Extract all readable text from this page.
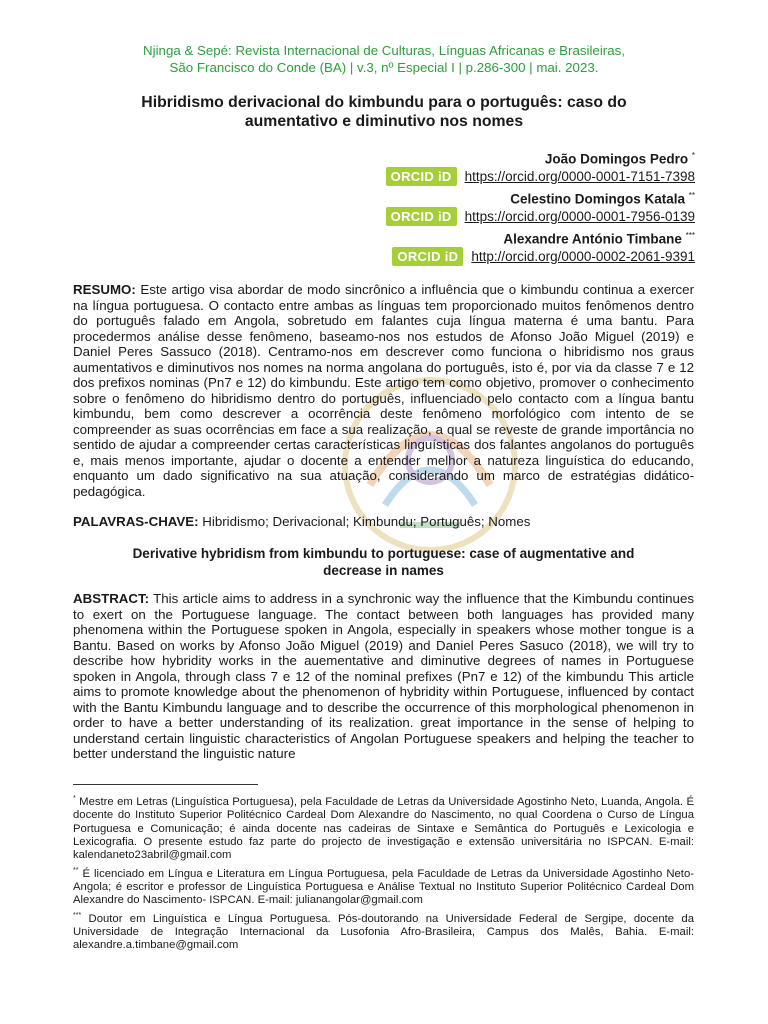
Njinga & Sepé: Revista Internacional de Culturas, Línguas Africanas e Brasileiras,
São Francisco do Conde (BA) | v.3, nº Especial I | p.286-300 | mai. 2023.
Hibridismo derivacional do kimbundu para o português: caso do
aumentativo e diminutivo nos nomes
João Domingos Pedro *
ORCID iD https://orcid.org/0000-0001-7151-7398
Celestino Domingos Katala **
ORCID iD https://orcid.org/0000-0001-7956-0139
Alexandre António Timbane ***
ORCID iD http://orcid.org/0000-0002-2061-9391
RESUMO: Este artigo visa abordar de modo sincrônico a influência que o kimbundu continua a exercer na língua portuguesa. O contacto entre ambas as línguas tem proporcionado muitos fenômenos dentro do português falado em Angola, sobretudo em falantes cuja língua materna é uma bantu. Para procedermos análise desse fenômeno, baseamo-nos nos estudos de Afonso João Miguel (2019) e Daniel Peres Sassuco (2018). Centramo-nos em descrever como funciona o hibridismo nos graus aumentativos e diminutivos nos nomes na norma angolana do português, isto é, por via da classe 7 e 12 dos prefixos nominas (Pn7 e 12) do kimbundu. Este artigo tem como objetivo, promover o conhecimento sobre o fenômeno do hibridismo dentro do português, influenciado pelo contacto com a língua bantu kimbundu, bem como descrever a ocorrência deste fenômeno morfológico com intento de se compreender as suas ocorrências em face a sua realização, a qual se reveste de grande importância no sentido de ajudar a compreender certas características linguísticas dos falantes angolanos do português e, mais menos importante, ajudar o docente a entender melhor a natureza linguística do educando, enquanto um dado significativo na sua atuação, considerando um marco de estratégias didático-pedagógica.
PALAVRAS-CHAVE: Hibridismo; Derivacional; Kimbundu; Português; Nomes
Derivative hybridism from kimbundu to portuguese: case of augmentative and
decrease in names
ABSTRACT: This article aims to address in a synchronic way the influence that the Kimbundu continues to exert on the Portuguese language. The contact between both languages has provided many phenomena within the Portuguese spoken in Angola, especially in speakers whose mother tongue is a Bantu. Based on works by Afonso João Miguel (2019) and Daniel Peres Sasuco (2018), we will try to describe how hybridity works in the auementative and diminutive degrees of names in Portuguese spoken in Angola, through class 7 e 12 of the nominal prefixes (Pn7 e 12) of the kimbundu This article aims to promote knowledge about the phenomenon of hybridity within Portuguese, influenced by contact with the Bantu Kimbundu language and to describe the occurrence of this morphological phenomenon in order to have a better understanding of its realization. great importance in the sense of helping to understand certain linguistic characteristics of Angolan Portuguese speakers and helping the teacher to better understand the linguistic nature

* Mestre em Letras (Linguística Portuguesa), pela Faculdade de Letras da Universidade Agostinho Neto, Luanda, Angola. É docente do Instituto Superior Politécnico Cardeal Dom Alexandre do Nascimento, no qual Coordena o Curso de Língua Portuguesa e Comunicação; é ainda docente nas cadeiras de Sintaxe e Semântica do Português e Lexicologia e Lexicografia. O presente estudo faz parte do projecto de investigação e extensão universitária no ISPCAN. E-mail: kalendaneto23abril@gmail.com

** É licenciado em Língua e Literatura em Língua Portuguesa, pela Faculdade de Letras da Universidade Agostinho Neto-Angola; é escritor e professor de Linguística Portuguesa e Análise Textual no Instituto Superior Politécnico Cardeal Dom Alexandre do Nascimento- ISPCAN. E-mail: julianangolar@gmail.com

*** Doutor em Linguística e Língua Portuguesa. Pós-doutorando na Universidade Federal de Sergipe, docente da Universidade de Integração Internacional da Lusofonia Afro-Brasileira, Campus dos Malês, Bahia. E-mail: alexandre.a.timbane@gmail.com
